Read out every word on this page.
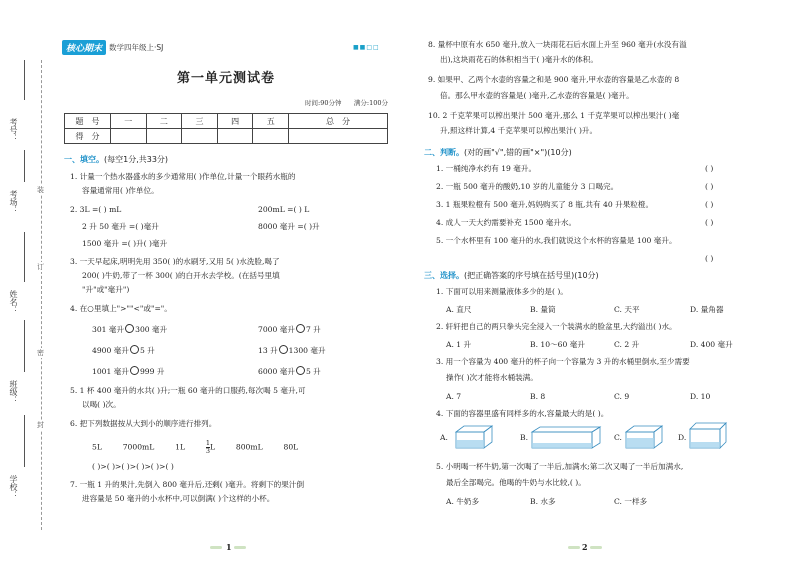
考号：
考场：
姓名：
班级：
学校：
装
订
密
封
核心期末 数学四年级上·SJ	■■□□
第一单元测试卷
时间:90分钟 满分:100分
题　号	一	二	三	四	五	总　分
得　分						
一、填空。(每空1分,共33分)
1. 计量一个热水器盛水的多少通常用( )作单位,计量一个眼药水瓶的
容量通常用( )作单位。
2. 3L =( ) mL	200mL =( ) L
2 升 50 毫升 =( )毫升	8000 毫升 =( )升
1500 毫升 =( )升( )毫升
3. 一天早起床,明明先用 350( )的水刷牙,又用 5( )水洗脸,喝了
200( )牛奶,带了一杯 300( )的白开水去学校。(在括号里填
"升"或"毫升")
4. 在○里填上">""<"或"="。
301 毫升 300 毫升	7000 毫升 7 升
4900 毫升 5 升	13 升 1300 毫升
1001 毫升 999 升	6000 毫升 5 升
5. 1 杯 400 毫升的水共( )升;一瓶 60 毫升的口服药,每次喝 5 毫升,可
以喝( )次。
6. 把下列数据按从大到小的顺序进行排列。
5L	7000mL	1L	$\frac{1}{3}$ L	800mL	80L
( )>( )>( )>( )>( )>( )
7. 一瓶 1 升的果汁,先倒入 800 毫升后,还剩( )毫升。将剩下的果汁倒
进容量是 50 毫升的小水杯中,可以倒满( )个这样的小杯。
8. 量杯中原有水 650 毫升,放入一块雨花石后水面上升至 960 毫升(水没有溢
出),这块雨花石的体积相当于( )毫升水的体积。
9. 如果甲、乙两个水壶的容量之和是 900 毫升,甲水壶的容量是乙水壶的 8
倍。那么甲水壶的容量是( )毫升,乙水壶的容量是( )毫升。
10. 2 千克苹果可以榨出果汁 500 毫升,那么 1 千克苹果可以榨出果汁( )毫
升,照这样计算,4 千克苹果可以榨出果汁( )升。
二、判断。(对的画"√",错的画"×")(10分)
1. 一桶纯净水约有 19 毫升。	( )
2. 一瓶 500 毫升的酸奶,10 岁的儿童能分 3 口喝完。	( )
3. 1 瓶果粒橙有 500 毫升,妈妈购买了 8 瓶,共有 40 升果粒橙。	( )
4. 成人一天大约需要补充 1500 毫升水。	( )
5. 一个水杯里有 100 毫升的水,我们就说这个水杯的容量是 100 毫升。
( )
三、选择。(把正确答案的序号填在括号里)(10分)
1. 下面可以用来测量液体多少的是( )。
A. 直尺	B. 量筒	C. 天平	D. 量角器
2. 轩轩把自己的两只拳头完全浸入一个装满水的脸盆里,大约溢出( )水。
A. 1 升	B. 10～60 毫升	C. 2 升	D. 400 毫升
3. 用一个容量为 400 毫升的杯子向一个容量为 3 升的水桶里倒水,至少需要
操作( )次才能将水桶装满。
A. 7	B. 8	C. 9	D. 10
4. 下面的容器里盛有同样多的水,容量最大的是( )。
A.	B.	C.	D.
5. 小明喝一杯牛奶,第一次喝了一半后,加满水;第二次又喝了一半后加满水,
最后全部喝完。他喝的牛奶与水比较,( )。
A. 牛奶多	B. 水多	C. 一样多
1	2
